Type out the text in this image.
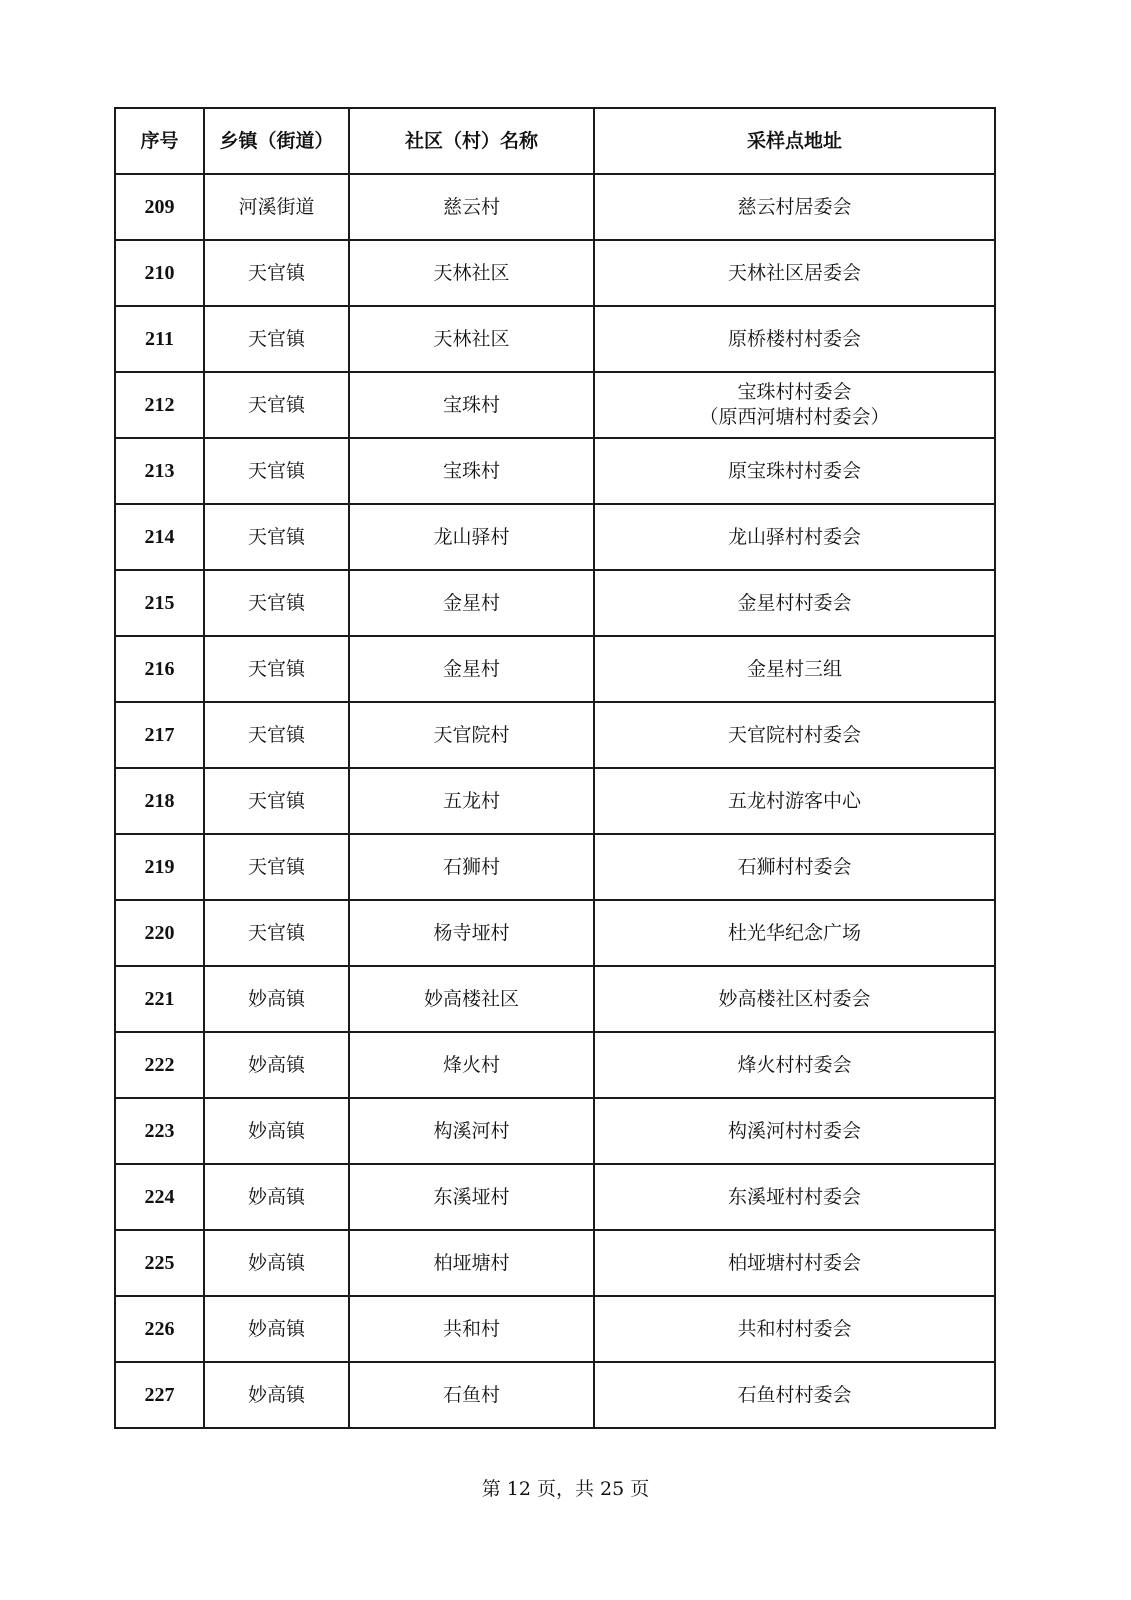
序号	乡镇（街道）	社区（村）名称	采样点地址
209	河溪街道	慈云村	慈云村居委会

210	天官镇	天林社区	天林社区居委会

211	天官镇	天林社区	原桥楼村村委会

212	天官镇	宝珠村	宝珠村村委会
（原西河塘村村委会）

213	天官镇	宝珠村	原宝珠村村委会

214	天官镇	龙山驿村	龙山驿村村委会

215	天官镇	金星村	金星村村委会

216	天官镇	金星村	金星村三组

217	天官镇	天官院村	天官院村村委会

218	天官镇	五龙村	五龙村游客中心

219	天官镇	石狮村	石狮村村委会

220	天官镇	杨寺垭村	杜光华纪念广场

221	妙高镇	妙高楼社区	妙高楼社区村委会

222	妙高镇	烽火村	烽火村村委会

223	妙高镇	构溪河村	构溪河村村委会

224	妙高镇	东溪垭村	东溪垭村村委会

225	妙高镇	柏垭塘村	柏垭塘村村委会

226	妙高镇	共和村	共和村村委会

227	妙高镇	石鱼村	石鱼村村委会
第 12 页，共 25 页
